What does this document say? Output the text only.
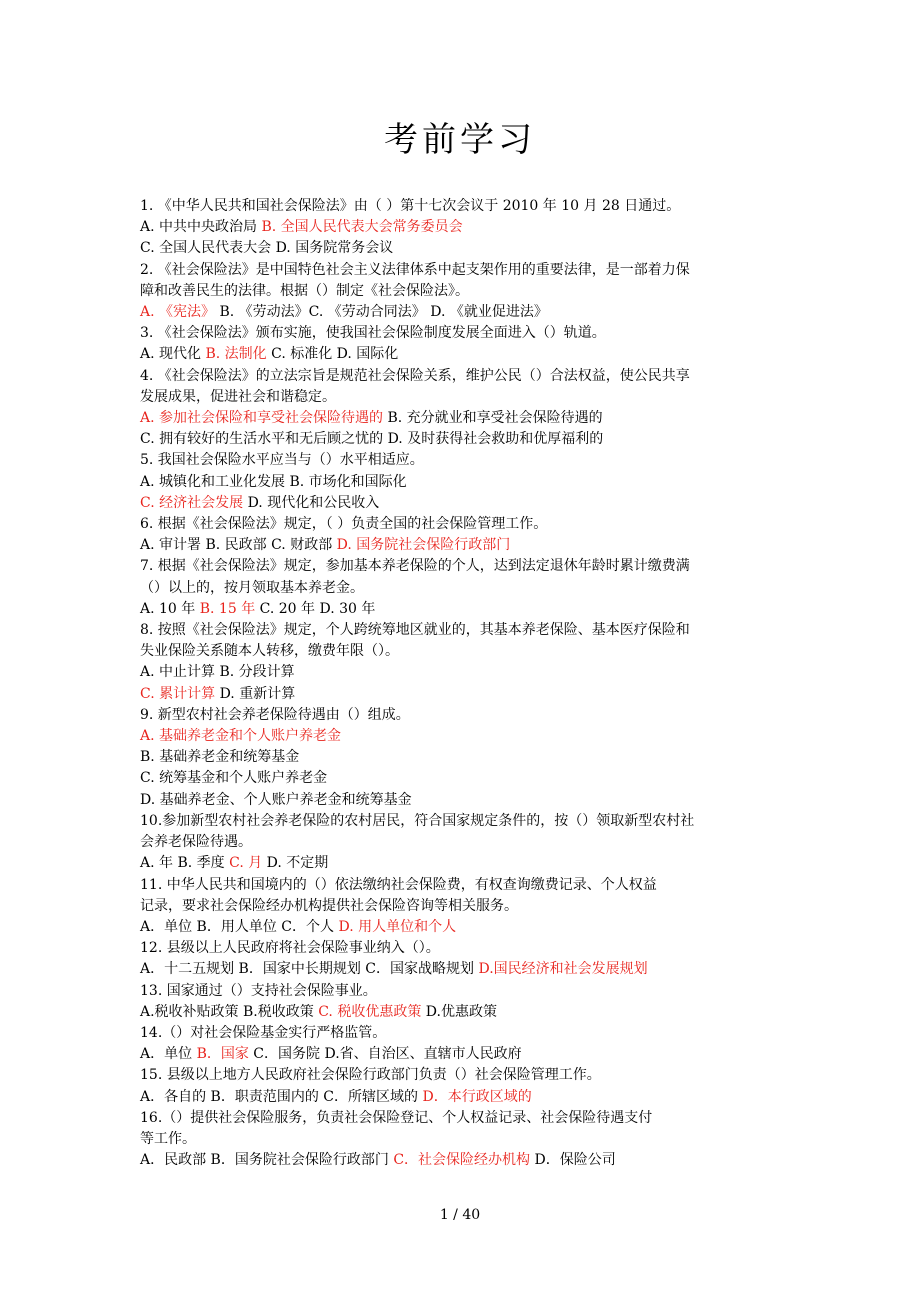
考前学习
1. 《中华人民共和国社会保险法》由（ ）第十七次会议于 2010 年 10 月 28 日通过。
A. 中共中央政治局 B. 全国人民代表大会常务委员会
C. 全国人民代表大会 D. 国务院常务会议
2. 《社会保险法》是中国特色社会主义法律体系中起支架作用的重要法律，是一部着力保
障和改善民生的法律。根据（）制定《社会保险法》。
A. 《宪法》 B. 《劳动法》C. 《劳动合同法》 D. 《就业促进法》
3. 《社会保险法》颁布实施，使我国社会保险制度发展全面进入（）轨道。
A. 现代化 B. 法制化 C. 标准化 D. 国际化
4. 《社会保险法》的立法宗旨是规范社会保险关系，维护公民（）合法权益，使公民共享
发展成果，促进社会和谐稳定。
A. 参加社会保险和享受社会保险待遇的 B. 充分就业和享受社会保险待遇的
C. 拥有较好的生活水平和无后顾之忧的 D. 及时获得社会救助和优厚福利的
5. 我国社会保险水平应当与（）水平相适应。
A. 城镇化和工业化发展 B. 市场化和国际化
C. 经济社会发展 D. 现代化和公民收入
6. 根据《社会保险法》规定，（ ）负责全国的社会保险管理工作。
A. 审计署 B. 民政部 C. 财政部 D. 国务院社会保险行政部门
7. 根据《社会保险法》规定，参加基本养老保险的个人，达到法定退休年龄时累计缴费满
（）以上的，按月领取基本养老金。
A. 10 年 B. 15 年 C. 20 年 D. 30 年
8. 按照《社会保险法》规定，个人跨统筹地区就业的，其基本养老保险、基本医疗保险和
失业保险关系随本人转移，缴费年限（）。
A. 中止计算 B. 分段计算
C. 累计计算 D. 重新计算
9. 新型农村社会养老保险待遇由（）组成。
A. 基础养老金和个人账户养老金
B. 基础养老金和统筹基金
C. 统筹基金和个人账户养老金
D. 基础养老金、个人账户养老金和统筹基金
10.参加新型农村社会养老保险的农村居民，符合国家规定条件的，按（）领取新型农村社
会养老保险待遇。
A. 年 B. 季度 C. 月 D. 不定期
11. 中华人民共和国境内的（）依法缴纳社会保险费，有权查询缴费记录、个人权益
记录，要求社会保险经办机构提供社会保险咨询等相关服务。
A．单位 B．用人单位 C．个人 D. 用人单位和个人
12. 县级以上人民政府将社会保险事业纳入（）。
A．十二五规划 B．国家中长期规划 C．国家战略规划 D.国民经济和社会发展规划
13. 国家通过（）支持社会保险事业。
A.税收补贴政策 B.税收政策 C. 税收优惠政策 D.优惠政策
14.（）对社会保险基金实行严格监管。
A．单位 B．国家 C．国务院 D.省、自治区、直辖市人民政府
15. 县级以上地方人民政府社会保险行政部门负责（）社会保险管理工作。
A．各自的 B．职责范围内的 C．所辖区域的 D．本行政区域的
16.（）提供社会保险服务，负责社会保险登记、个人权益记录、社会保险待遇支付
等工作。
A．民政部 B．国务院社会保险行政部门 C．社会保险经办机构 D．保险公司
1 / 40
